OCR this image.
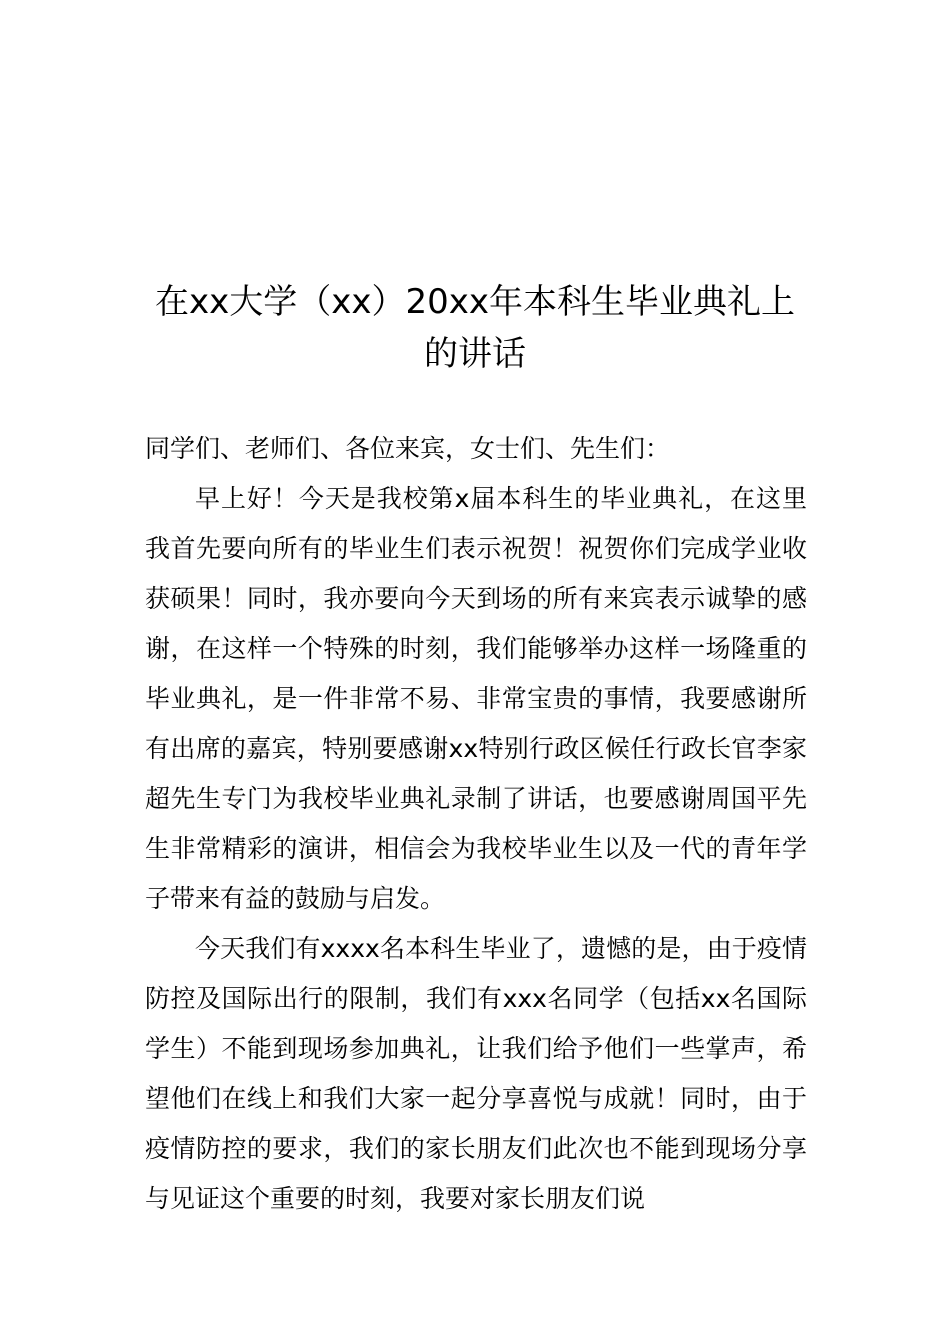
在xx大学（xx）20xx年本科生毕业典礼上的讲话

同学们、老师们、各位来宾，女士们、先生们：

早上好！今天是我校第x届本科生的毕业典礼，在这里我首先要向所有的毕业生们表示祝贺！祝贺你们完成学业收获硕果！同时，我亦要向今天到场的所有来宾表示诚挚的感谢，在这样一个特殊的时刻，我们能够举办这样一场隆重的毕业典礼，是一件非常不易、非常宝贵的事情，我要感谢所有出席的嘉宾，特别要感谢xx特别行政区候任行政长官李家超先生专门为我校毕业典礼录制了讲话，也要感谢周国平先生非常精彩的演讲，相信会为我校毕业生以及一代的青年学子带来有益的鼓励与启发。

今天我们有xxxx名本科生毕业了，遗憾的是，由于疫情防控及国际出行的限制，我们有xxx名同学（包括xx名国际学生）不能到现场参加典礼，让我们给予他们一些掌声，希望他们在线上和我们大家一起分享喜悦与成就！同时，由于疫情防控的要求，我们的家长朋友们此次也不能到现场分享与见证这个重要的时刻，我要对家长朋友们说
